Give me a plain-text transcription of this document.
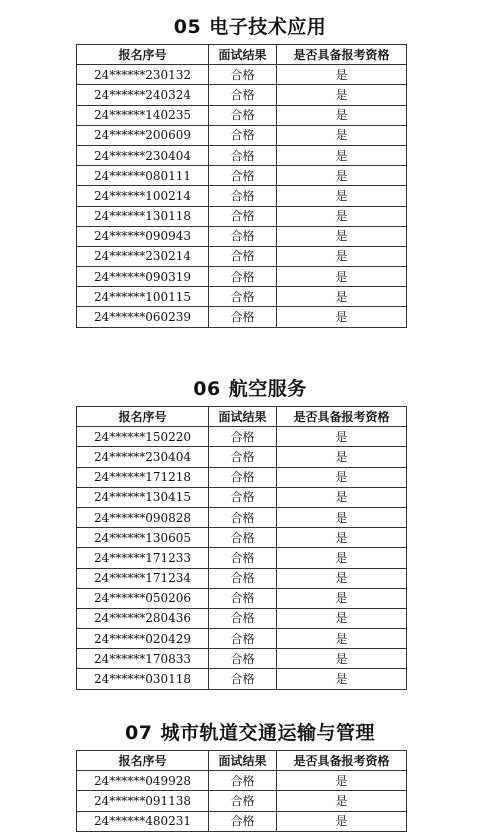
05 电子技术应用
报名序号	面试结果	是否具备报考资格
24******230132	合格	是
24******240324	合格	是
24******140235	合格	是
24******200609	合格	是
24******230404	合格	是
24******080111	合格	是
24******100214	合格	是
24******130118	合格	是
24******090943	合格	是
24******230214	合格	是
24******090319	合格	是
24******100115	合格	是
24******060239	合格	是
06 航空服务
报名序号	面试结果	是否具备报考资格
24******150220	合格	是
24******230404	合格	是
24******171218	合格	是
24******130415	合格	是
24******090828	合格	是
24******130605	合格	是
24******171233	合格	是
24******171234	合格	是
24******050206	合格	是
24******280436	合格	是
24******020429	合格	是
24******170833	合格	是
24******030118	合格	是
07 城市轨道交通运输与管理
报名序号	面试结果	是否具备报考资格
24******049928	合格	是
24******091138	合格	是
24******480231	合格	是
